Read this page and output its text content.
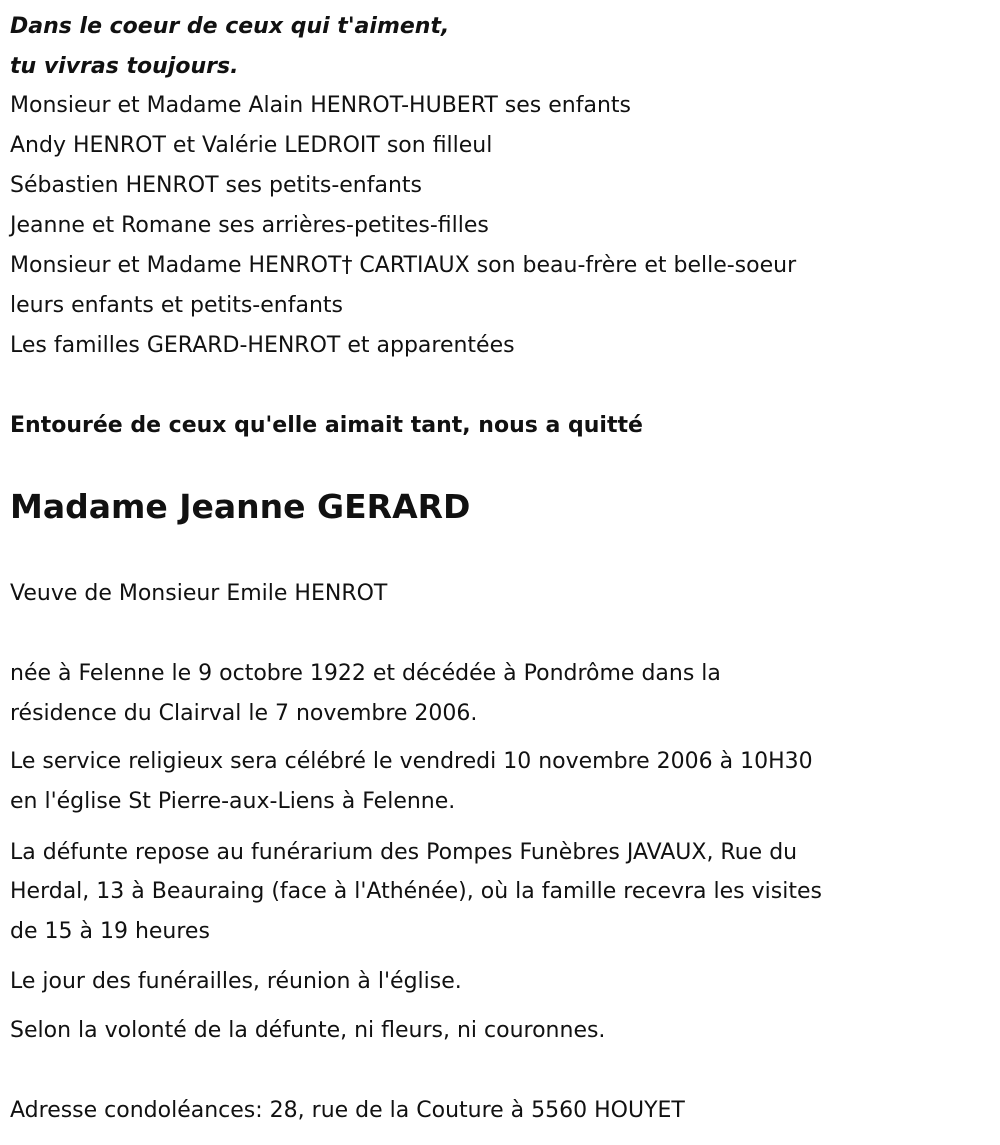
Dans le coeur de ceux qui t'aiment,
tu vivras toujours.
Monsieur et Madame Alain HENROT-HUBERT ses enfants
Andy HENROT et Valérie LEDROIT son filleul
Sébastien HENROT ses petits-enfants
Jeanne et Romane ses arrières-petites-filles
Monsieur et Madame HENROT† CARTIAUX son beau-frère et belle-soeur
leurs enfants et petits-enfants
Les familles GERARD-HENROT et apparentées
Entourée de ceux qu'elle aimait tant, nous a quitté
Madame Jeanne GERARD
Veuve de Monsieur Emile HENROT
née à Felenne le 9 octobre 1922 et décédée à Pondrôme dans la
résidence du Clairval le 7 novembre 2006.
Le service religieux sera célébré le vendredi 10 novembre 2006 à 10H30
en l'église St Pierre-aux-Liens à Felenne.
La défunte repose au funérarium des Pompes Funèbres JAVAUX, Rue du
Herdal, 13 à Beauraing (face à l'Athénée), où la famille recevra les visites
de 15 à 19 heures
Le jour des funérailles, réunion à l'église.
Selon la volonté de la défunte, ni fleurs, ni couronnes.
Adresse condoléances: 28, rue de la Couture à 5560 HOUYET
